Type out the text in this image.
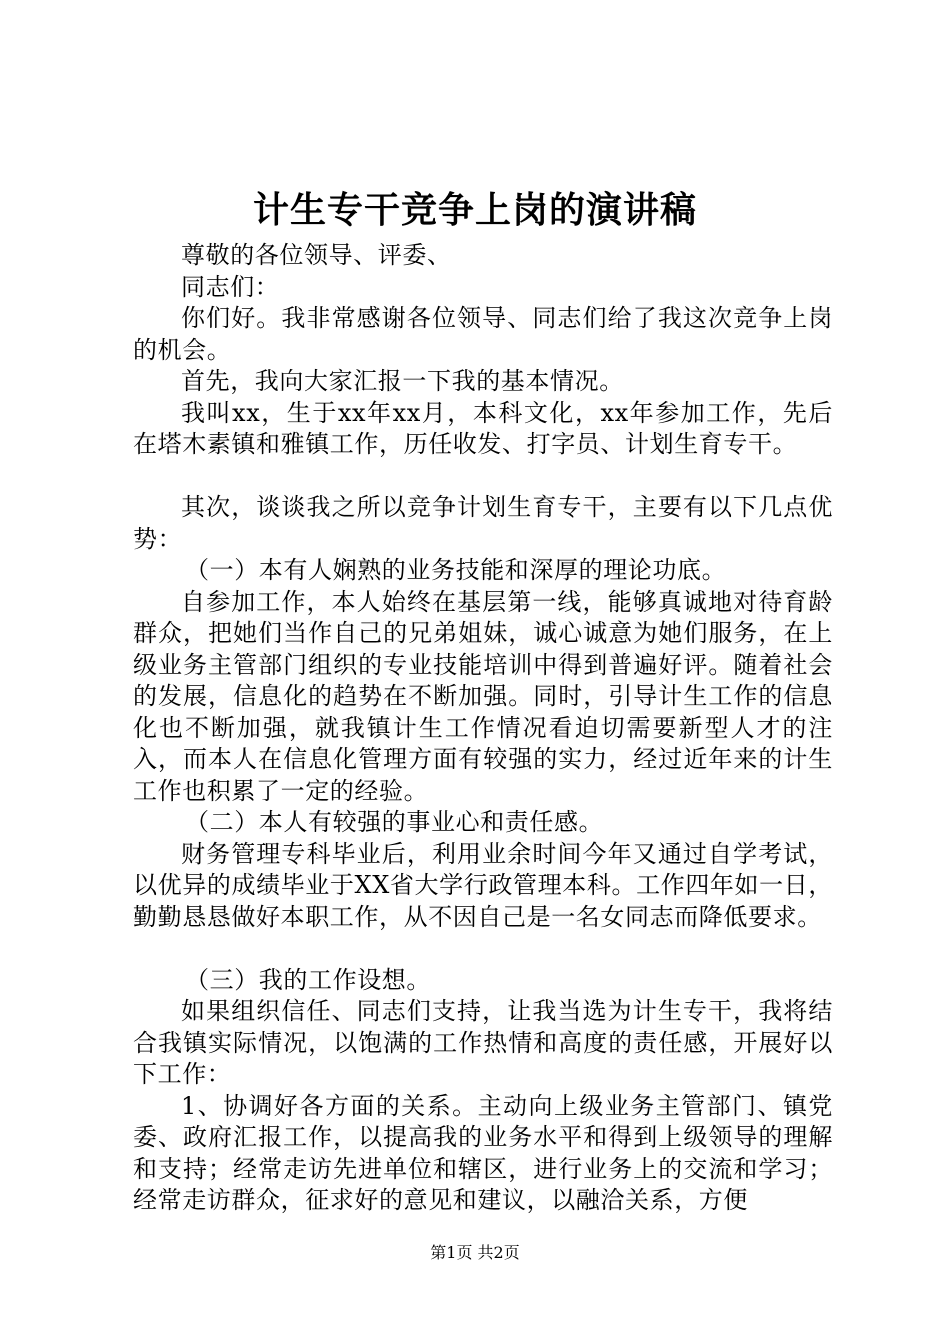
计生专干竞争上岗的演讲稿

尊敬的各位领导、评委、

同志们：

你们好。我非常感谢各位领导、同志们给了我这次竞争上岗的机会。

首先，我向大家汇报一下我的基本情况。

我叫xx，生于xx年xx月，本科文化，xx年参加工作，先后在塔木素镇和雅镇工作，历任收发、打字员、计划生育专干。

其次，谈谈我之所以竞争计划生育专干，主要有以下几点优势：

（一）本有人娴熟的业务技能和深厚的理论功底。

自参加工作，本人始终在基层第一线，能够真诚地对待育龄群众，把她们当作自己的兄弟姐妹，诚心诚意为她们服务，在上级业务主管部门组织的专业技能培训中得到普遍好评。随着社会的发展，信息化的趋势在不断加强。同时，引导计生工作的信息化也不断加强，就我镇计生工作情况看迫切需要新型人才的注入，而本人在信息化管理方面有较强的实力，经过近年来的计生工作也积累了一定的经验。

（二）本人有较强的事业心和责任感。

财务管理专科毕业后，利用业余时间今年又通过自学考试，以优异的成绩毕业于XX省大学行政管理本科。工作四年如一日，勤勤恳恳做好本职工作，从不因自己是一名女同志而降低要求。

（三）我的工作设想。

如果组织信任、同志们支持，让我当选为计生专干，我将结合我镇实际情况，以饱满的工作热情和高度的责任感，开展好以下工作：

1、协调好各方面的关系。主动向上级业务主管部门、镇党委、政府汇报工作，以提高我的业务水平和得到上级领导的理解和支持；经常走访先进单位和辖区，进行业务上的交流和学习；经常走访群众，征求好的意见和建议，以融洽关系，方便

第1页 共2页
